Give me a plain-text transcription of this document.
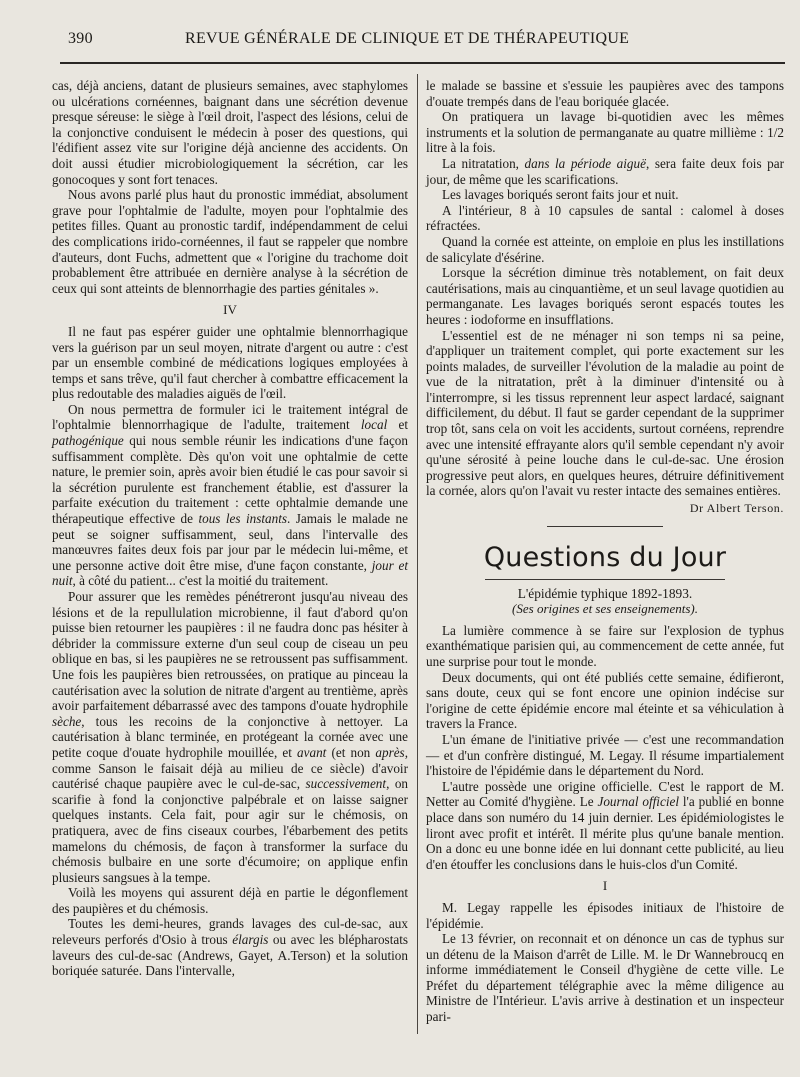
390	REVUE GÉNÉRALE DE CLINIQUE ET DE THÉRAPEUTIQUE

cas, déjà anciens, datant de plusieurs semaines, avec staphylomes ou ulcérations cornéennes, baignant dans une sécrétion devenue presque séreuse: le siège à l'œil droit, l'aspect des lésions, celui de la conjonctive conduisent le médecin à poser des questions, qui l'édifient assez vite sur l'origine déjà ancienne des accidents. On doit aussi étudier microbiologiquement la sécrétion, car les gonocoques y sont fort tenaces.

Nous avons parlé plus haut du pronostic immédiat, absolument grave pour l'ophtalmie de l'adulte, moyen pour l'ophtalmie des petites filles. Quant au pronostic tardif, indépendamment de celui des complications irido-cornéennes, il faut se rappeler que nombre d'auteurs, dont Fuchs, admettent que « l'origine du trachome doit probablement être attribuée en dernière analyse à la sécrétion de ceux qui sont atteints de blennorrhagie des parties génitales ».

IV

Il ne faut pas espérer guider une ophtalmie blennorrhagique vers la guérison par un seul moyen, nitrate d'argent ou autre : c'est par un ensemble combiné de médications logiques employées à temps et sans trêve, qu'il faut chercher à combattre efficacement la plus redoutable des maladies aiguës de l'œil.

On nous permettra de formuler ici le traitement intégral de l'ophtalmie blennorrhagique de l'adulte, traitement local et pathogénique qui nous semble réunir les indications d'une façon suffisamment complète. Dès qu'on voit une ophtalmie de cette nature, le premier soin, après avoir bien étudié le cas pour savoir si la sécrétion purulente est franchement établie, est d'assurer la parfaite exécution du traitement : cette ophtalmie demande une thérapeutique effective de tous les instants. Jamais le malade ne peut se soigner suffisamment, seul, dans l'intervalle des manœuvres faites deux fois par jour par le médecin lui-même, et une personne active doit être mise, d'une façon constante, jour et nuit, à côté du patient... c'est la moitié du traitement.

Pour assurer que les remèdes pénétreront jusqu'au niveau des lésions et de la repullulation microbienne, il faut d'abord qu'on puisse bien retourner les paupières : il ne faudra donc pas hésiter à débrider la commissure externe d'un seul coup de ciseau un peu oblique en bas, si les paupières ne se retroussent pas suffisamment. Une fois les paupières bien retroussées, on pratique au pinceau la cautérisation avec la solution de nitrate d'argent au trentième, après avoir parfaitement débarrassé avec des tampons d'ouate hydrophile sèche, tous les recoins de la conjonctive à nettoyer. La cautérisation à blanc terminée, en protégeant la cornée avec une petite coque d'ouate hydrophile mouillée, et avant (et non après, comme Sanson le faisait déjà au milieu de ce siècle) d'avoir cautérisé chaque paupière avec le cul-de-sac, successivement, on scarifie à fond la conjonctive palpébrale et on laisse saigner quelques instants. Cela fait, pour agir sur le chémosis, on pratiquera, avec de fins ciseaux courbes, l'ébarbement des petits mamelons du chémosis, de façon à transformer la surface du chémosis bulbaire en une sorte d'écumoire; on applique enfin plusieurs sangsues à la tempe.

Voilà les moyens qui assurent déjà en partie le dégonflement des paupières et du chémosis.

Toutes les demi-heures, grands lavages des cul-de-sac, aux releveurs perforés d'Osio à trous élargis ou avec les blépharostats laveurs des cul-de-sac (Andrews, Gayet, A.Terson) et la solution boriquée saturée. Dans l'intervalle,

le malade se bassine et s'essuie les paupières avec des tampons d'ouate trempés dans de l'eau boriquée glacée.

On pratiquera un lavage bi-quotidien avec les mêmes instruments et la solution de permanganate au quatre millième : 1/2 litre à la fois.

La nitratation, dans la période aiguë, sera faite deux fois par jour, de même que les scarifications.

Les lavages boriqués seront faits jour et nuit.

A l'intérieur, 8 à 10 capsules de santal : calomel à doses réfractées.

Quand la cornée est atteinte, on emploie en plus les instillations de salicylate d'ésérine.

Lorsque la sécrétion diminue très notablement, on fait deux cautérisations, mais au cinquantième, et un seul lavage quotidien au permanganate. Les lavages boriqués seront espacés toutes les heures : iodoforme en insufflations.

L'essentiel est de ne ménager ni son temps ni sa peine, d'appliquer un traitement complet, qui porte exactement sur les points malades, de surveiller l'évolution de la maladie au point de vue de la nitratation, prêt à la diminuer d'intensité ou à l'interrompre, si les tissus reprennent leur aspect lardacé, saignant difficilement, du début. Il faut se garder cependant de la supprimer trop tôt, sans cela on voit les accidents, surtout cornéens, reprendre avec une intensité effrayante alors qu'il semble cependant n'y avoir qu'une sérosité à peine louche dans le cul-de-sac. Une érosion progressive peut alors, en quelques heures, détruire définitivement la cornée, alors qu'on l'avait vu rester intacte des semaines entières.

Dr Albert Terson.
Questions du Jour
L'épidémie typhique 1892-1893.
(Ses origines et ses enseignements).

La lumière commence à se faire sur l'explosion de typhus exanthématique parisien qui, au commencement de cette année, fut une surprise pour tout le monde.

Deux documents, qui ont été publiés cette semaine, édifieront, sans doute, ceux qui se font encore une opinion indécise sur l'origine de cette épidémie encore mal éteinte et sa véhiculation à travers la France.

L'un émane de l'initiative privée — c'est une recommandation — et d'un confrère distingué, M. Legay. Il résume impartialement l'histoire de l'épidémie dans le département du Nord.

L'autre possède une origine officielle. C'est le rapport de M. Netter au Comité d'hygiène. Le Journal officiel l'a publié en bonne place dans son numéro du 14 juin dernier. Les épidémiologistes le liront avec profit et intérêt. Il mérite plus qu'une banale mention. On a donc eu une bonne idée en lui donnant cette publicité, au lieu d'en étouffer les conclusions dans le huis-clos d'un Comité.

I

M. Legay rappelle les épisodes initiaux de l'histoire de l'épidémie.

Le 13 février, on reconnait et on dénonce un cas de typhus sur un détenu de la Maison d'arrêt de Lille. M. le Dr Wannebroucq en informe immédiatement le Conseil d'hygiène de cette ville. Le Préfet du département télégraphie avec la même diligence au Ministre de l'Intérieur. L'avis arrive à destination et un inspecteur pari-
